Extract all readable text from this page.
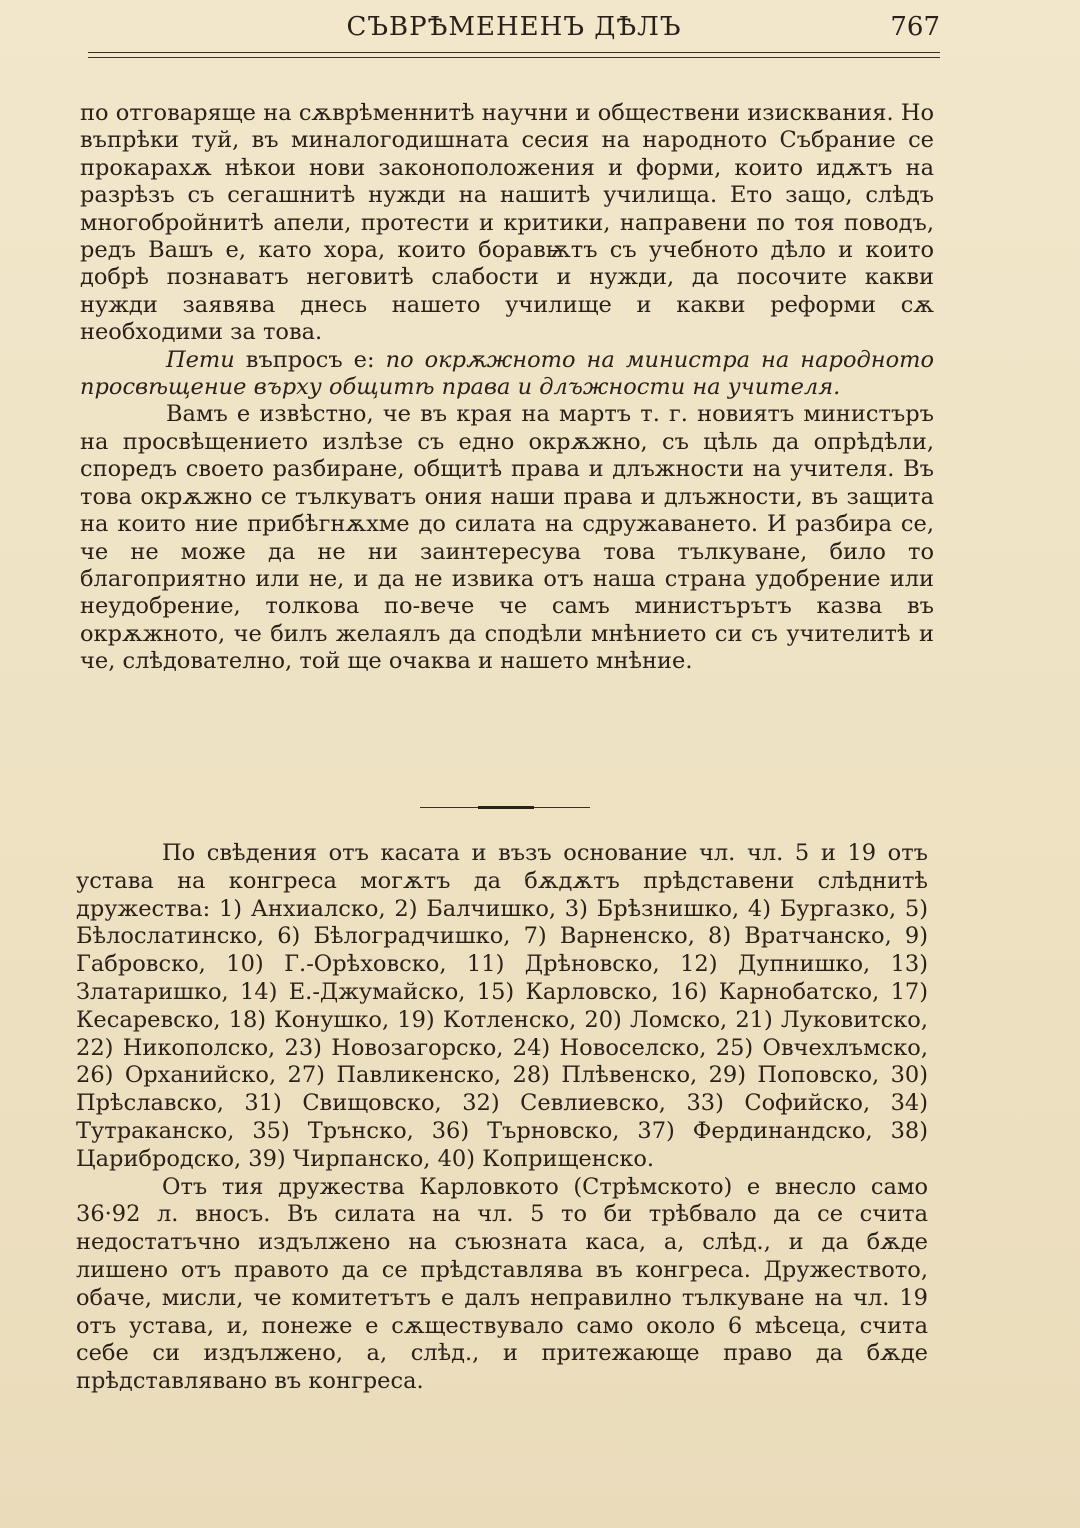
СЪВРѢМЕНЕНЪ ДѢЛЪ	767

по отговаряще на сѫврѣменнитѣ научни и обществени изисквания. Но въпрѣки туй, въ миналогодишната сесия на народното Събрание се прокарахѫ нѣкои нови законоположения и форми, които идѫтъ на разрѣзъ съ сегашнитѣ нужди на нашитѣ училища. Ето защо, слѣдъ многобройнитѣ апели, протести и критики, направени по тоя поводъ, редъ Вашъ е, като хора, които боравѭтъ съ учебното дѣло и които добрѣ познаватъ неговитѣ слабости и нужди, да посочите какви нужди заявява днесь нашето училище и какви реформи сѫ необходими за това.

Пети въпросъ е: по окрѫжното на министра на народното просвѣщение върху общитѣ права и длъжности на учителя.

Вамъ е извѣстно, че въ края на мартъ т. г. новиятъ министъръ на просвѣщението излѣзе съ едно окрѫжно, съ цѣль да опрѣдѣли, споредъ своето разбиране, общитѣ права и длъжности на учителя. Въ това окрѫжно се тълкуватъ ония наши права и длъжности, въ защита на които ние прибѣгнѫхме до силата на сдружаването. И разбира се, че не може да не ни заинтересува това тълкуване, било то благоприятно или не, и да не извика отъ наша страна удобрение или неудобрение, толкова по-вече че самъ министърътъ казва въ окрѫжното, че билъ желаялъ да сподѣли мнѣнието си съ учителитѣ и че, слѣдователно, той ще очаква и нашето мнѣние.

По свѣдения отъ касата и възъ основание чл. чл. 5 и 19 отъ устава на конгреса могѫтъ да бѫдѫтъ прѣдставени слѣднитѣ дружества: 1) Анхиалско, 2) Балчишко, 3) Брѣзнишко, 4) Бургазко, 5) Бѣлослатинско, 6) Бѣлоградчишко, 7) Варненско, 8) Вратчанско, 9) Габровско, 10) Г.-Орѣховско, 11) Дрѣновско, 12) Дупнишко, 13) Златаришко, 14) Е.-Джумайско, 15) Карловско, 16) Карнобатско, 17) Кесаревско, 18) Конушко, 19) Котленско, 20) Ломско, 21) Луковитско, 22) Никополско, 23) Новозагорско, 24) Новоселско, 25) Овчехлъмско, 26) Орханийско, 27) Павликенско, 28) Плѣвенско, 29) Поповско, 30) Прѣславско, 31) Свищовско, 32) Севлиевско, 33) Софийско, 34) Тутраканско, 35) Трънско, 36) Търновско, 37) Фердинандско, 38) Царибродско, 39) Чирпанско, 40) Коприщенско.

Отъ тия дружества Карловкото (Стрѣмското) е внесло само 36·92 л. вносъ. Въ силата на чл. 5 то би трѣбвало да се счита недостатъчно издължено на съюзната каса, а, слѣд., и да бѫде лишено отъ правото да се прѣдставлява въ конгреса. Дружеството, обаче, мисли, че комитетътъ е далъ неправилно тълкуване на чл. 19 отъ устава, и, понеже е сѫществувало само около 6 мѣсеца, счита себе си издължено, а, слѣд., и притежающе право да бѫде прѣдставлявано въ конгреса.
